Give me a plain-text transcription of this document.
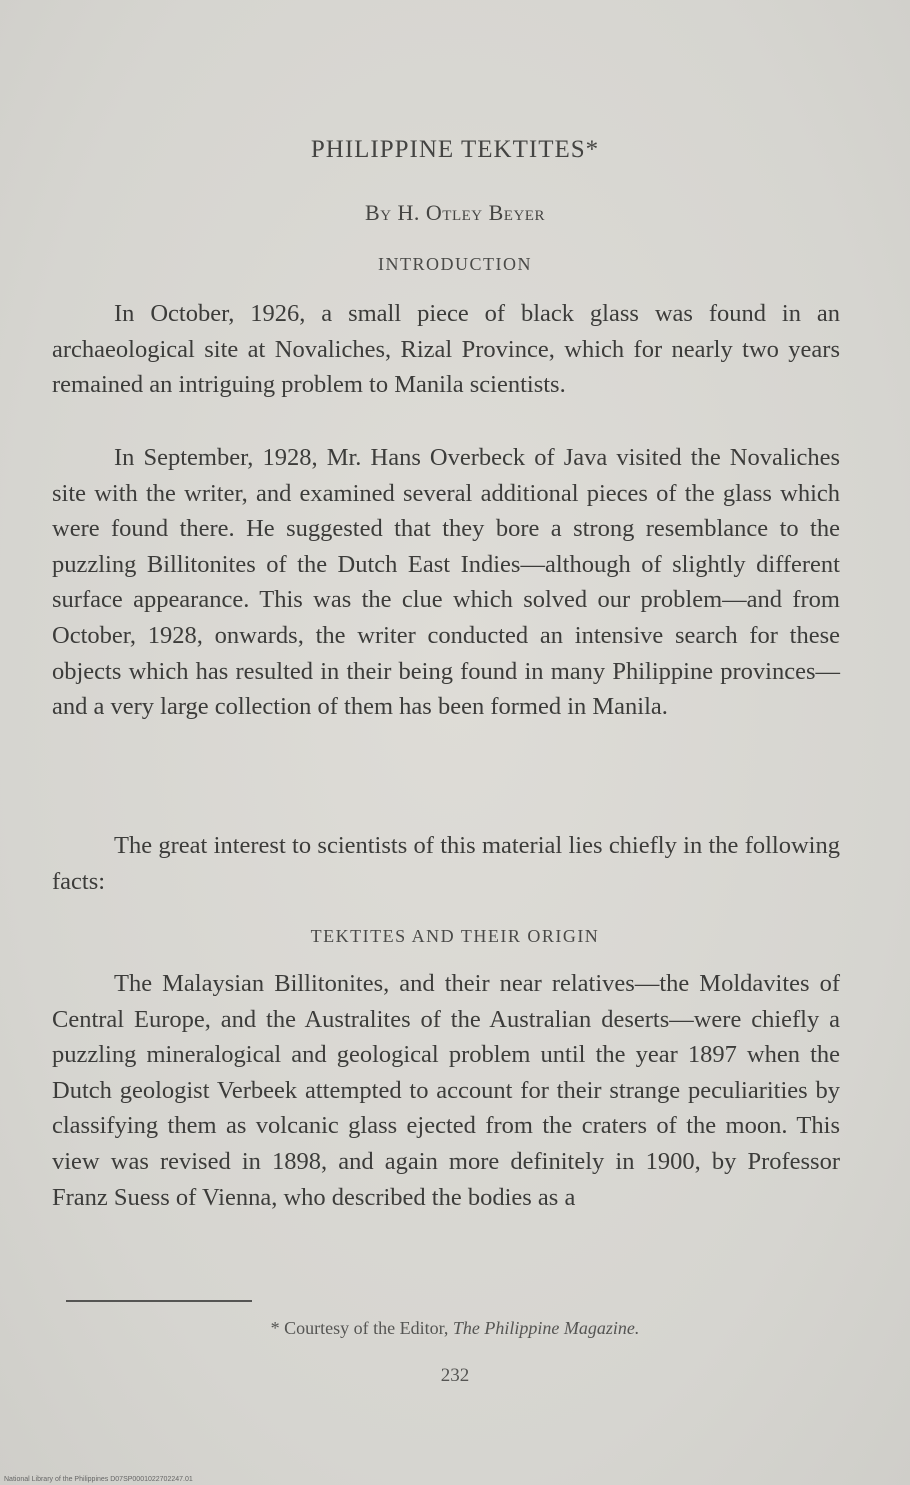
PHILIPPINE TEKTITES*
By H. Otley Beyer
INTRODUCTION

In October, 1926, a small piece of black glass was found in an archaeological site at Novaliches, Rizal Province, which for nearly two years remained an intriguing problem to Manila scientists.

In September, 1928, Mr. Hans Overbeck of Java visited the Novaliches site with the writer, and examined several additional pieces of the glass which were found there. He suggested that they bore a strong resemblance to the puzzling Billitonites of the Dutch East Indies—although of slightly different surface appearance. This was the clue which solved our problem—and from October, 1928, onwards, the writer conducted an intensive search for these objects which has resulted in their being found in many Philippine provinces—and a very large collection of them has been formed in Manila.

The great interest to scientists of this material lies chiefly in the following facts:

TEKTITES AND THEIR ORIGIN

The Malaysian Billitonites, and their near relatives—the Moldavites of Central Europe, and the Australites of the Australian deserts—were chiefly a puzzling mineralogical and geological problem until the year 1897 when the Dutch geologist Verbeek attempted to account for their strange peculiarities by classifying them as volcanic glass ejected from the craters of the moon. This view was revised in 1898, and again more definitely in 1900, by Professor Franz Suess of Vienna, who described the bodies as a

* Courtesy of the Editor, The Philippine Magazine.
232
National Library of the Philippines D07SP0001022702247.01
